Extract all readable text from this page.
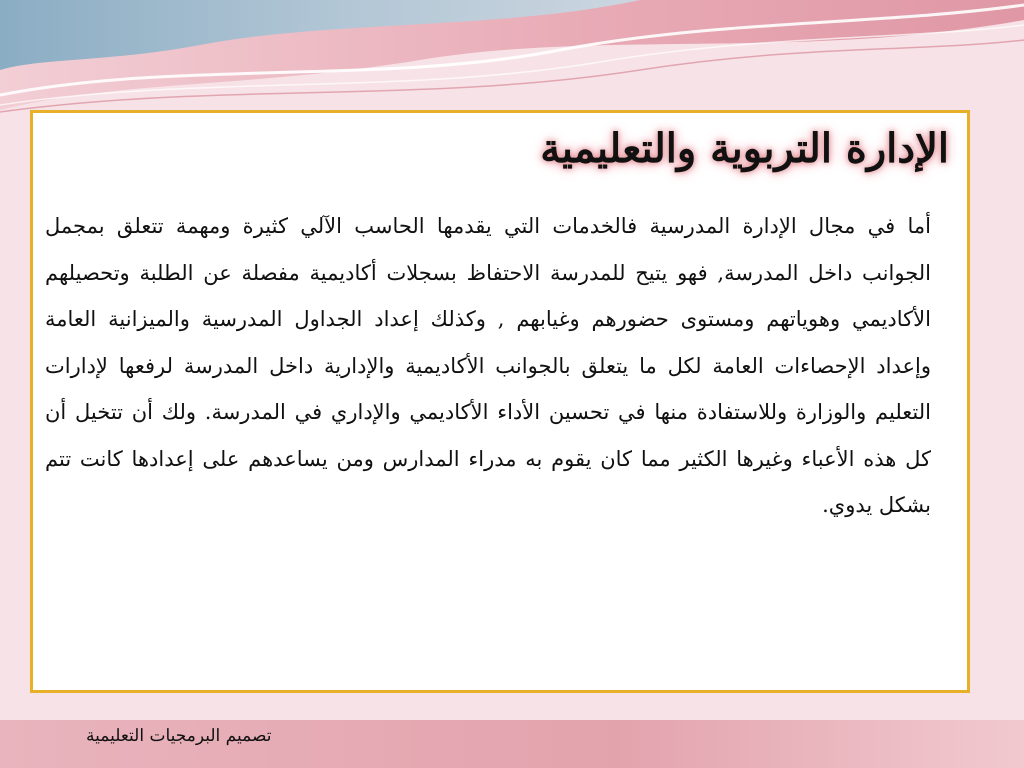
الإدارة التربوية والتعليمية

أما في مجال الإدارة المدرسية فالخدمات التي يقدمها الحاسب الآلي كثيرة ومهمة تتعلق بمجمل الجوانب داخل المدرسة, فهو يتيح للمدرسة الاحتفاظ بسجلات أكاديمية مفصلة عن الطلبة وتحصيلهم الأكاديمي وهوياتهم ومستوى حضورهم وغيابهم , وكذلك إعداد الجداول المدرسية والميزانية العامة وإعداد الإحصاءات العامة لكل ما يتعلق بالجوانب الأكاديمية والإدارية داخل المدرسة لرفعها لإدارات التعليم والوزارة وللاستفادة منها في تحسين الأداء الأكاديمي والإداري في المدرسة. ولك أن تتخيل أن كل هذه الأعباء وغيرها الكثير مما كان يقوم به مدراء المدارس ومن يساعدهم على إعدادها كانت تتم بشكل يدوي.

تصميم البرمجيات التعليمية
